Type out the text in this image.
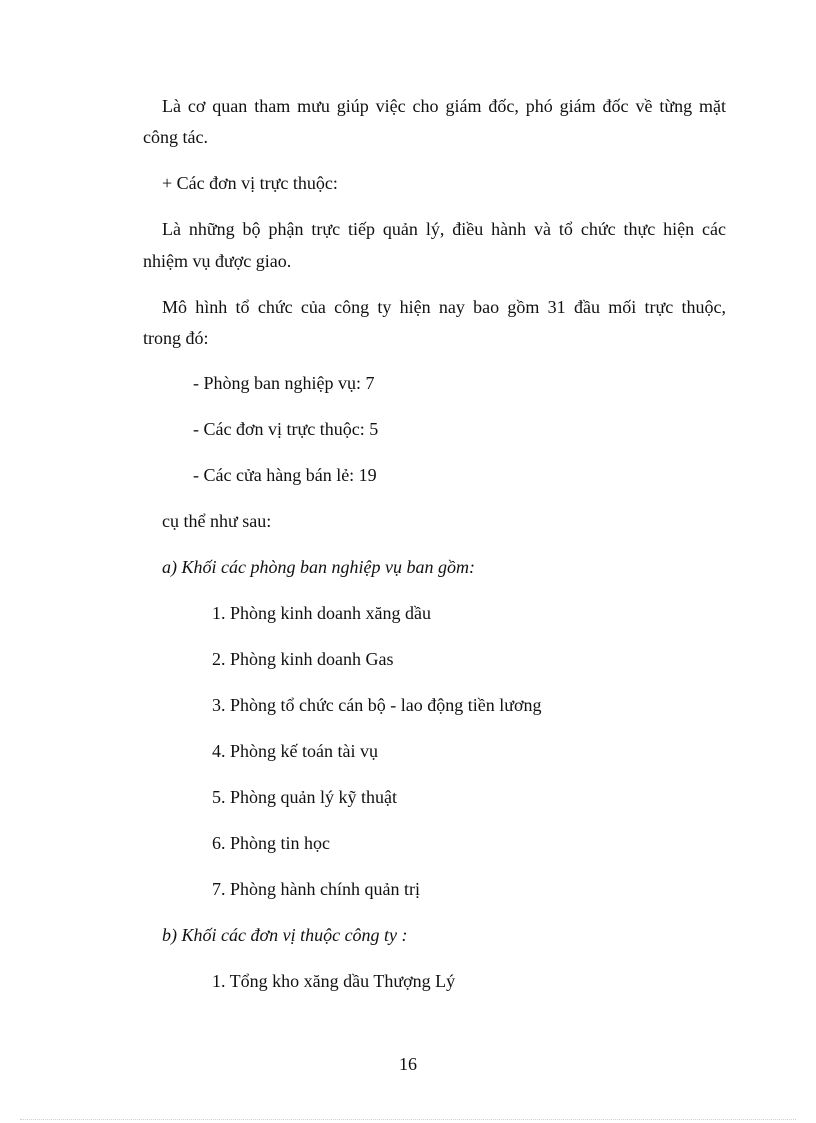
Là cơ quan tham mưu giúp việc cho giám đốc, phó giám đốc về từng mặt
công tác.
+ Các đơn vị trực thuộc:
Là những bộ phận trực tiếp quản lý, điều hành và tổ chức thực hiện các
nhiệm vụ được giao.
Mô hình tổ chức của công ty hiện nay bao gồm 31 đầu mối trực thuộc,
trong đó:
- Phòng ban nghiệp vụ: 7
- Các đơn vị trực thuộc: 5
- Các cửa hàng bán lẻ: 19
cụ thể như sau:
a) Khối các phòng ban nghiệp vụ ban gồm:
1. Phòng kinh doanh xăng dầu
2. Phòng kinh doanh Gas
3. Phòng tổ chức cán bộ - lao động tiền lương
4. Phòng kế toán tài vụ
5. Phòng quản lý kỹ thuật
6. Phòng tin học
7. Phòng hành chính quản trị
b) Khối các đơn vị thuộc công ty :
1. Tổng kho xăng dầu Thượng Lý
16
